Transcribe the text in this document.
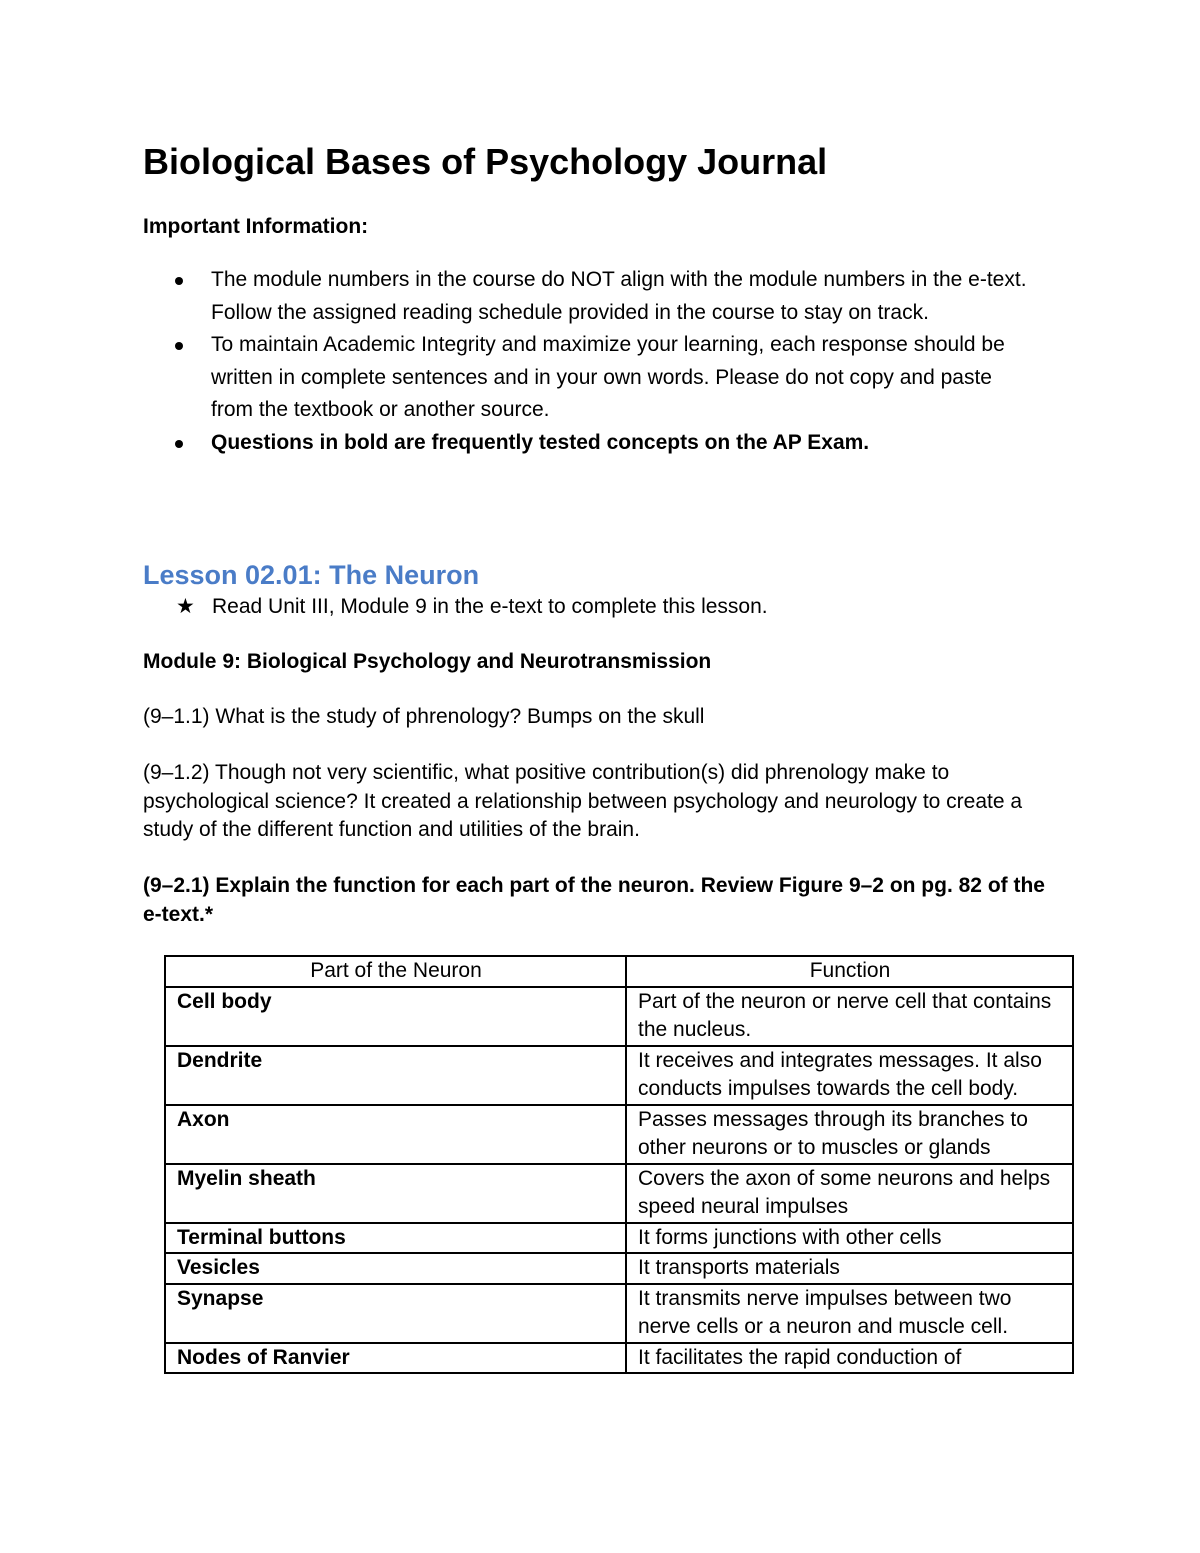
Biological Bases of Psychology Journal
Important Information:
The module numbers in the course do NOT align with the module numbers in the e-text. Follow the assigned reading schedule provided in the course to stay on track.
To maintain Academic Integrity and maximize your learning, each response should be written in complete sentences and in your own words. Please do not copy and paste from the textbook or another source.
Questions in bold are frequently tested concepts on the AP Exam.
Lesson 02.01: The Neuron
★ Read Unit III, Module 9 in the e-text to complete this lesson.
Module 9: Biological Psychology and Neurotransmission
(9–1.1) What is the study of phrenology? Bumps on the skull
(9–1.2) Though not very scientific, what positive contribution(s) did phrenology make to psychological science? It created a relationship between psychology and neurology to create a study of the different function and utilities of the brain.
(9–2.1) Explain the function for each part of the neuron. Review Figure 9–2 on pg. 82 of the e-text.*
Part of the Neuron	Function
Cell body	Part of the neuron or nerve cell that contains the nucleus.
Dendrite	It receives and integrates messages. It also conducts impulses towards the cell body.
Axon	Passes messages through its branches to other neurons or to muscles or glands
Myelin sheath	Covers the axon of some neurons and helps speed neural impulses
Terminal buttons	It forms junctions with other cells
Vesicles	It transports materials
Synapse	It transmits nerve impulses between two nerve cells or a neuron and muscle cell.
Nodes of Ranvier	It facilitates the rapid conduction of
